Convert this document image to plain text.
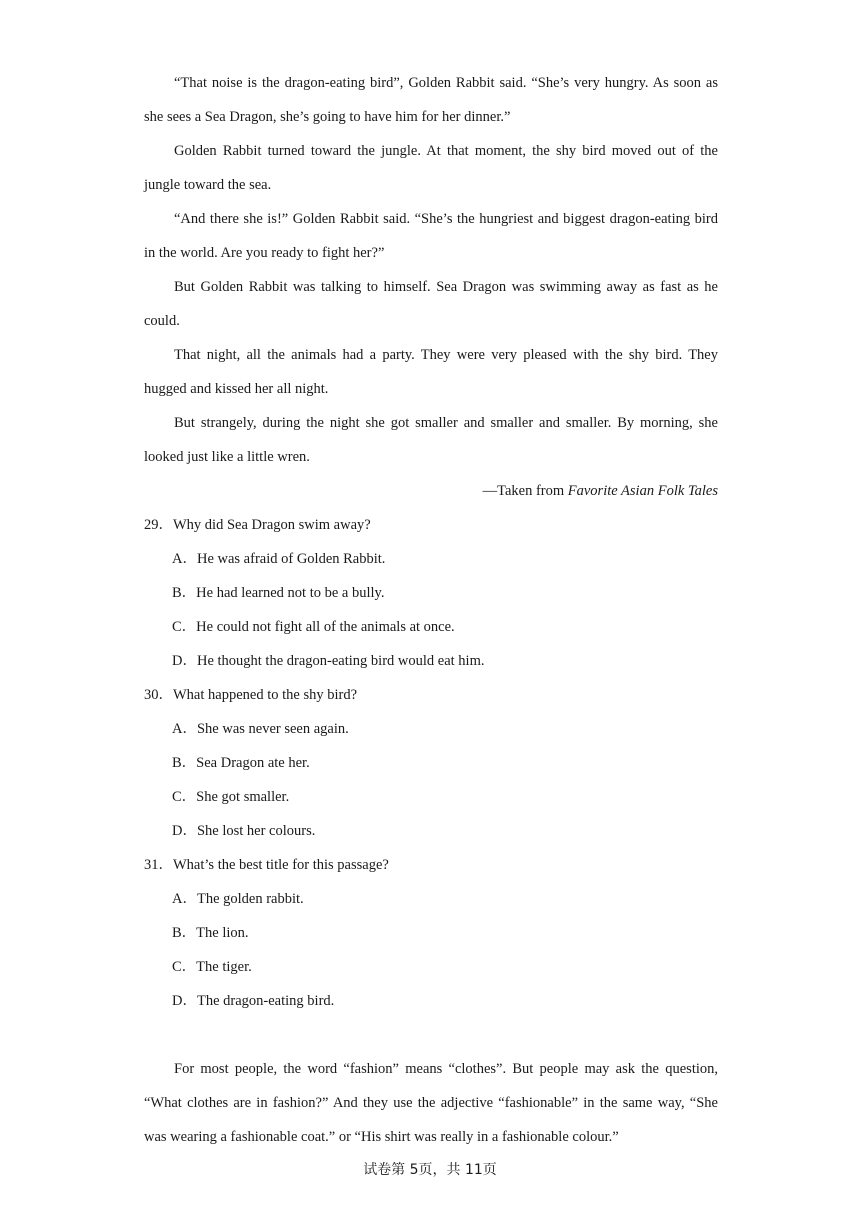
“That noise is the dragon-eating bird”, Golden Rabbit said. “She’s very hungry. As soon as she sees a Sea Dragon, she’s going to have him for her dinner.”

Golden Rabbit turned toward the jungle. At that moment, the shy bird moved out of the jungle toward the sea.

“And there she is!” Golden Rabbit said. “She’s the hungriest and biggest dragon-eating bird in the world. Are you ready to fight her?”

But Golden Rabbit was talking to himself. Sea Dragon was swimming away as fast as he could.

That night, all the animals had a party. They were very pleased with the shy bird. They hugged and kissed her all night.

But strangely, during the night she got smaller and smaller and smaller. By morning, she looked just like a little wren.

—Taken from Favorite Asian Folk Tales

29．Why did Sea Dragon swim away?

A．He was afraid of Golden Rabbit.

B．He had learned not to be a bully.

C．He could not fight all of the animals at once.

D．He thought the dragon-eating bird would eat him.

30．What happened to the shy bird?

A．She was never seen again.

B．Sea Dragon ate her.

C．She got smaller.

D．She lost her colours.

31．What’s the best title for this passage?

A．The golden rabbit.

B．The lion.

C．The tiger.

D．The dragon-eating bird.

For most people, the word “fashion” means “clothes”. But people may ask the question, “What clothes are in fashion?” And they use the adjective “fashionable” in the same way, “She was wearing a fashionable coat.” or “His shirt was really in a fashionable colour.”

试卷第 5页，共 11页
